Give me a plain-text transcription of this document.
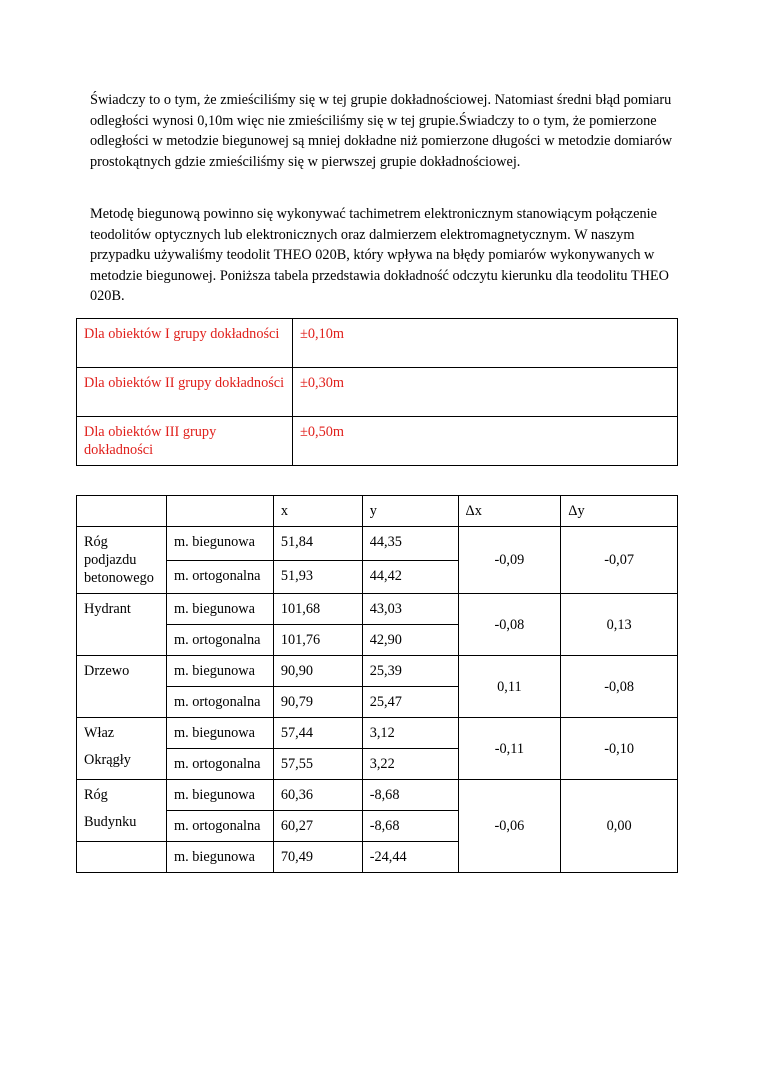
Świadczy to o tym, że zmieściliśmy się w tej grupie dokładnościowej. Natomiast średni błąd pomiaru odległości wynosi 0,10m więc nie zmieściliśmy się w tej grupie.Świadczy to o tym, że pomierzone odległości w metodzie biegunowej są mniej dokładne niż pomierzone długości w metodzie domiarów prostokątnych gdzie zmieściliśmy się w pierwszej grupie dokładnościowej.

Metodę biegunową powinno się wykonywać tachimetrem elektronicznym stanowiącym połączenie teodolitów optycznych lub elektronicznych oraz dalmierzem elektromagnetycznym. W naszym przypadku używaliśmy teodolit THEO 020B, który wpływa na błędy pomiarów wykonywanych w metodzie biegunowej. Poniższa tabela przedstawia dokładność odczytu kierunku dla teodolitu THEO 020B.

Dla obiektów I grupy dokładności	±0,10m
Dla obiektów II grupy dokładności	±0,30m
Dla obiektów III grupy dokładności	±0,50m
		x	y	Δx	Δy

Róg
podjazdu
betonowego	m. biegunowa	51,84	44,35	-0,09	-0,07
	m. ortogonalna	51,93	44,42		

Hydrant	m. biegunowa	101,68	43,03	-0,08	0,13
	m. ortogonalna	101,76	42,90		

Drzewo	m. biegunowa	90,90	25,39	0,11	-0,08
	m. ortogonalna	90,79	25,47		

Właz
Okrągły	m. biegunowa	57,44	3,12	-0,11	-0,10
	m. ortogonalna	57,55	3,22		

Róg
Budynku	m. biegunowa	60,36	-8,68	-0,06	0,00
	m. ortogonalna	60,27	-8,68		
	m. biegunowa	70,49	-24,44		
